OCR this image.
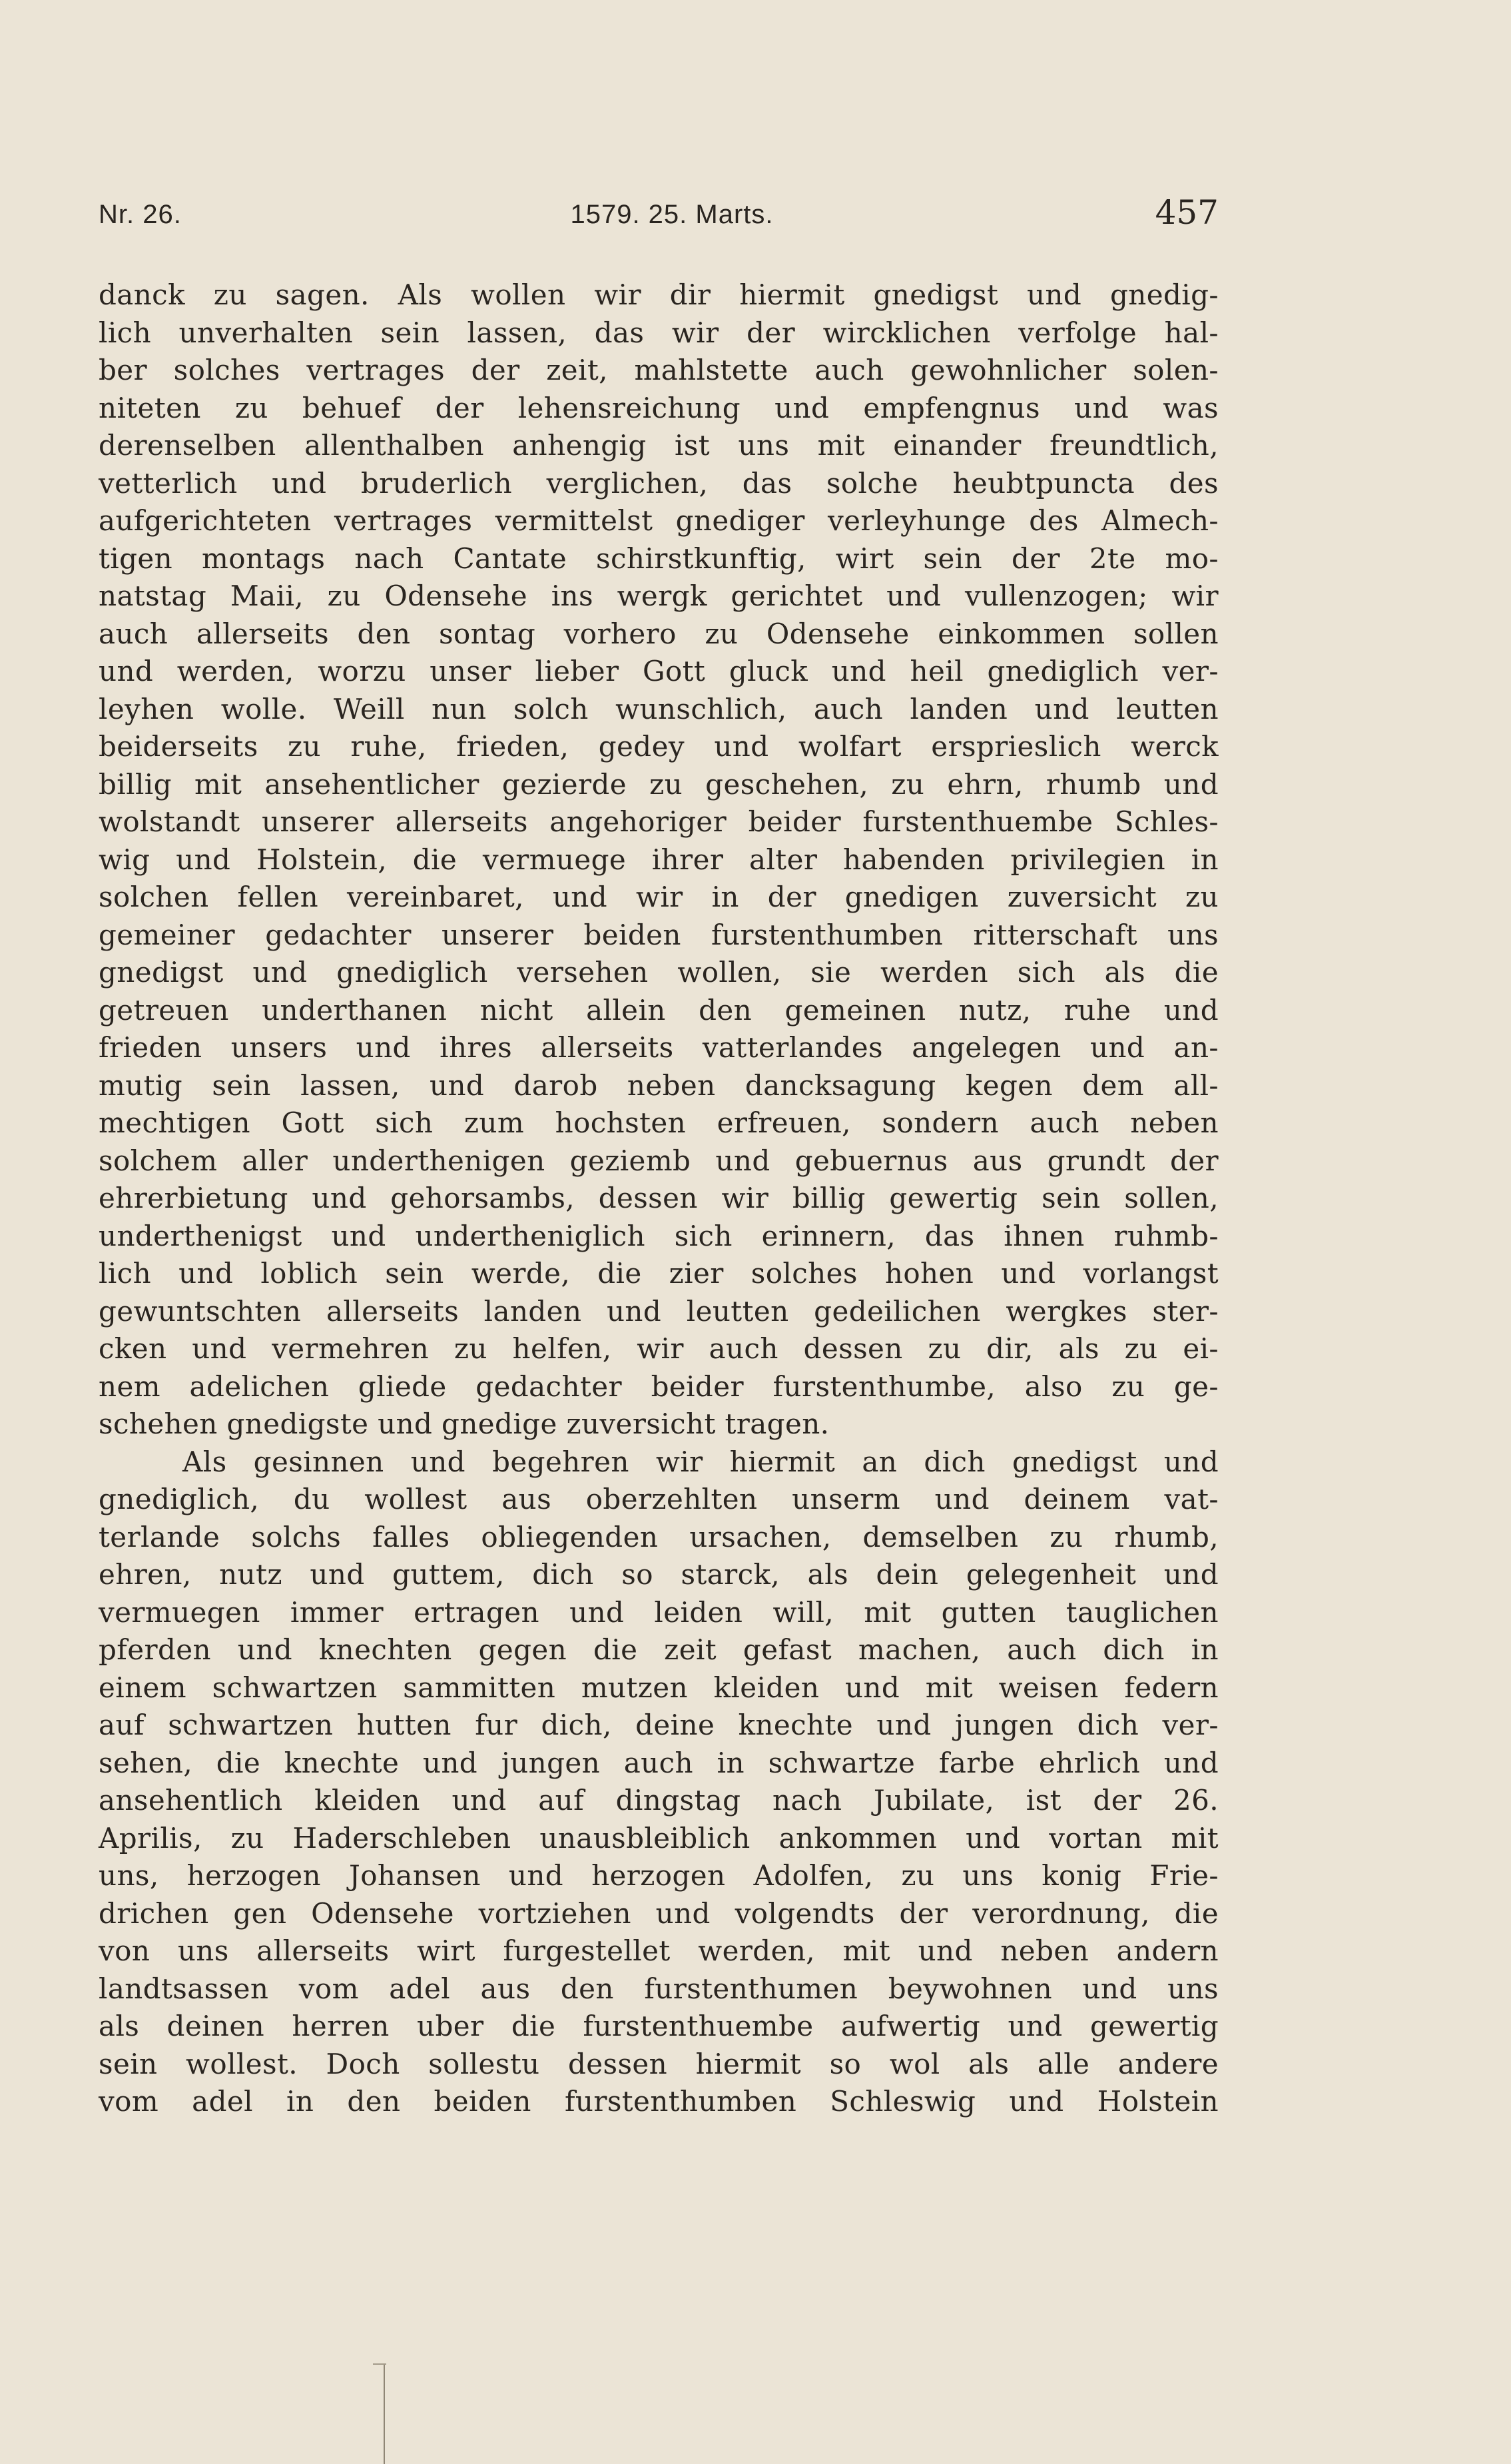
Nr. 26.	1579. 25. Marts.	457
danck zu sagen. Als wollen wir dir hiermit gnedigst und gnedig-
lich unverhalten sein lassen, das wir der wircklichen verfolge hal-
ber solches vertrages der zeit, mahlstette auch gewohnlicher solen-
niteten zu behuef der lehensreichung und empfengnus und was
derenselben allenthalben anhengig ist uns mit einander freundtlich,
vetterlich und bruderlich verglichen, das solche heubtpuncta des
aufgerichteten vertrages vermittelst gnediger verleyhunge des Almech-
tigen montags nach Cantate schirstkunftig, wirt sein der 2te mo-
natstag Maii, zu Odensehe ins wergk gerichtet und vullenzogen; wir
auch allerseits den sontag vorhero zu Odensehe einkommen sollen
und werden, worzu unser lieber Gott gluck und heil gnediglich ver-
leyhen wolle. Weill nun solch wunschlich, auch landen und leutten
beiderseits zu ruhe, frieden, gedey und wolfart ersprieslich werck
billig mit ansehentlicher gezierde zu geschehen, zu ehrn, rhumb und
wolstandt unserer allerseits angehoriger beider furstenthuembe Schles-
wig und Holstein, die vermuege ihrer alter habenden privilegien in
solchen fellen vereinbaret, und wir in der gnedigen zuversicht zu
gemeiner gedachter unserer beiden furstenthumben ritterschaft uns
gnedigst und gnediglich versehen wollen, sie werden sich als die
getreuen underthanen nicht allein den gemeinen nutz, ruhe und
frieden unsers und ihres allerseits vatterlandes angelegen und an-
mutig sein lassen, und darob neben dancksagung kegen dem all-
mechtigen Gott sich zum hochsten erfreuen, sondern auch neben
solchem aller underthenigen geziemb und gebuernus aus grundt der
ehrerbietung und gehorsambs, dessen wir billig gewertig sein sollen,
underthenigst und undertheniglich sich erinnern, das ihnen ruhmb-
lich und loblich sein werde, die zier solches hohen und vorlangst
gewuntschten allerseits landen und leutten gedeilichen wergkes ster-
cken und vermehren zu helfen, wir auch dessen zu dir, als zu ei-
nem adelichen gliede gedachter beider furstenthumbe, also zu ge-
schehen gnedigste und gnedige zuversicht tragen.
Als gesinnen und begehren wir hiermit an dich gnedigst und
gnediglich, du wollest aus oberzehlten unserm und deinem vat-
terlande solchs falles obliegenden ursachen, demselben zu rhumb,
ehren, nutz und guttem, dich so starck, als dein gelegenheit und
vermuegen immer ertragen und leiden will, mit gutten tauglichen
pferden und knechten gegen die zeit gefast machen, auch dich in
einem schwartzen sammitten mutzen kleiden und mit weisen federn
auf schwartzen hutten fur dich, deine knechte und jungen dich ver-
sehen, die knechte und jungen auch in schwartze farbe ehrlich und
ansehentlich kleiden und auf dingstag nach Jubilate, ist der 26.
Aprilis, zu Haderschleben unausbleiblich ankommen und vortan mit
uns, herzogen Johansen und herzogen Adolfen, zu uns konig Frie-
drichen gen Odensehe vortziehen und volgendts der verordnung, die
von uns allerseits wirt furgestellet werden, mit und neben andern
landtsassen vom adel aus den furstenthumen beywohnen und uns
als deinen herren uber die furstenthuembe aufwertig und gewertig
sein wollest. Doch sollestu dessen hiermit so wol als alle andere
vom adel in den beiden furstenthumben Schleswig und Holstein
